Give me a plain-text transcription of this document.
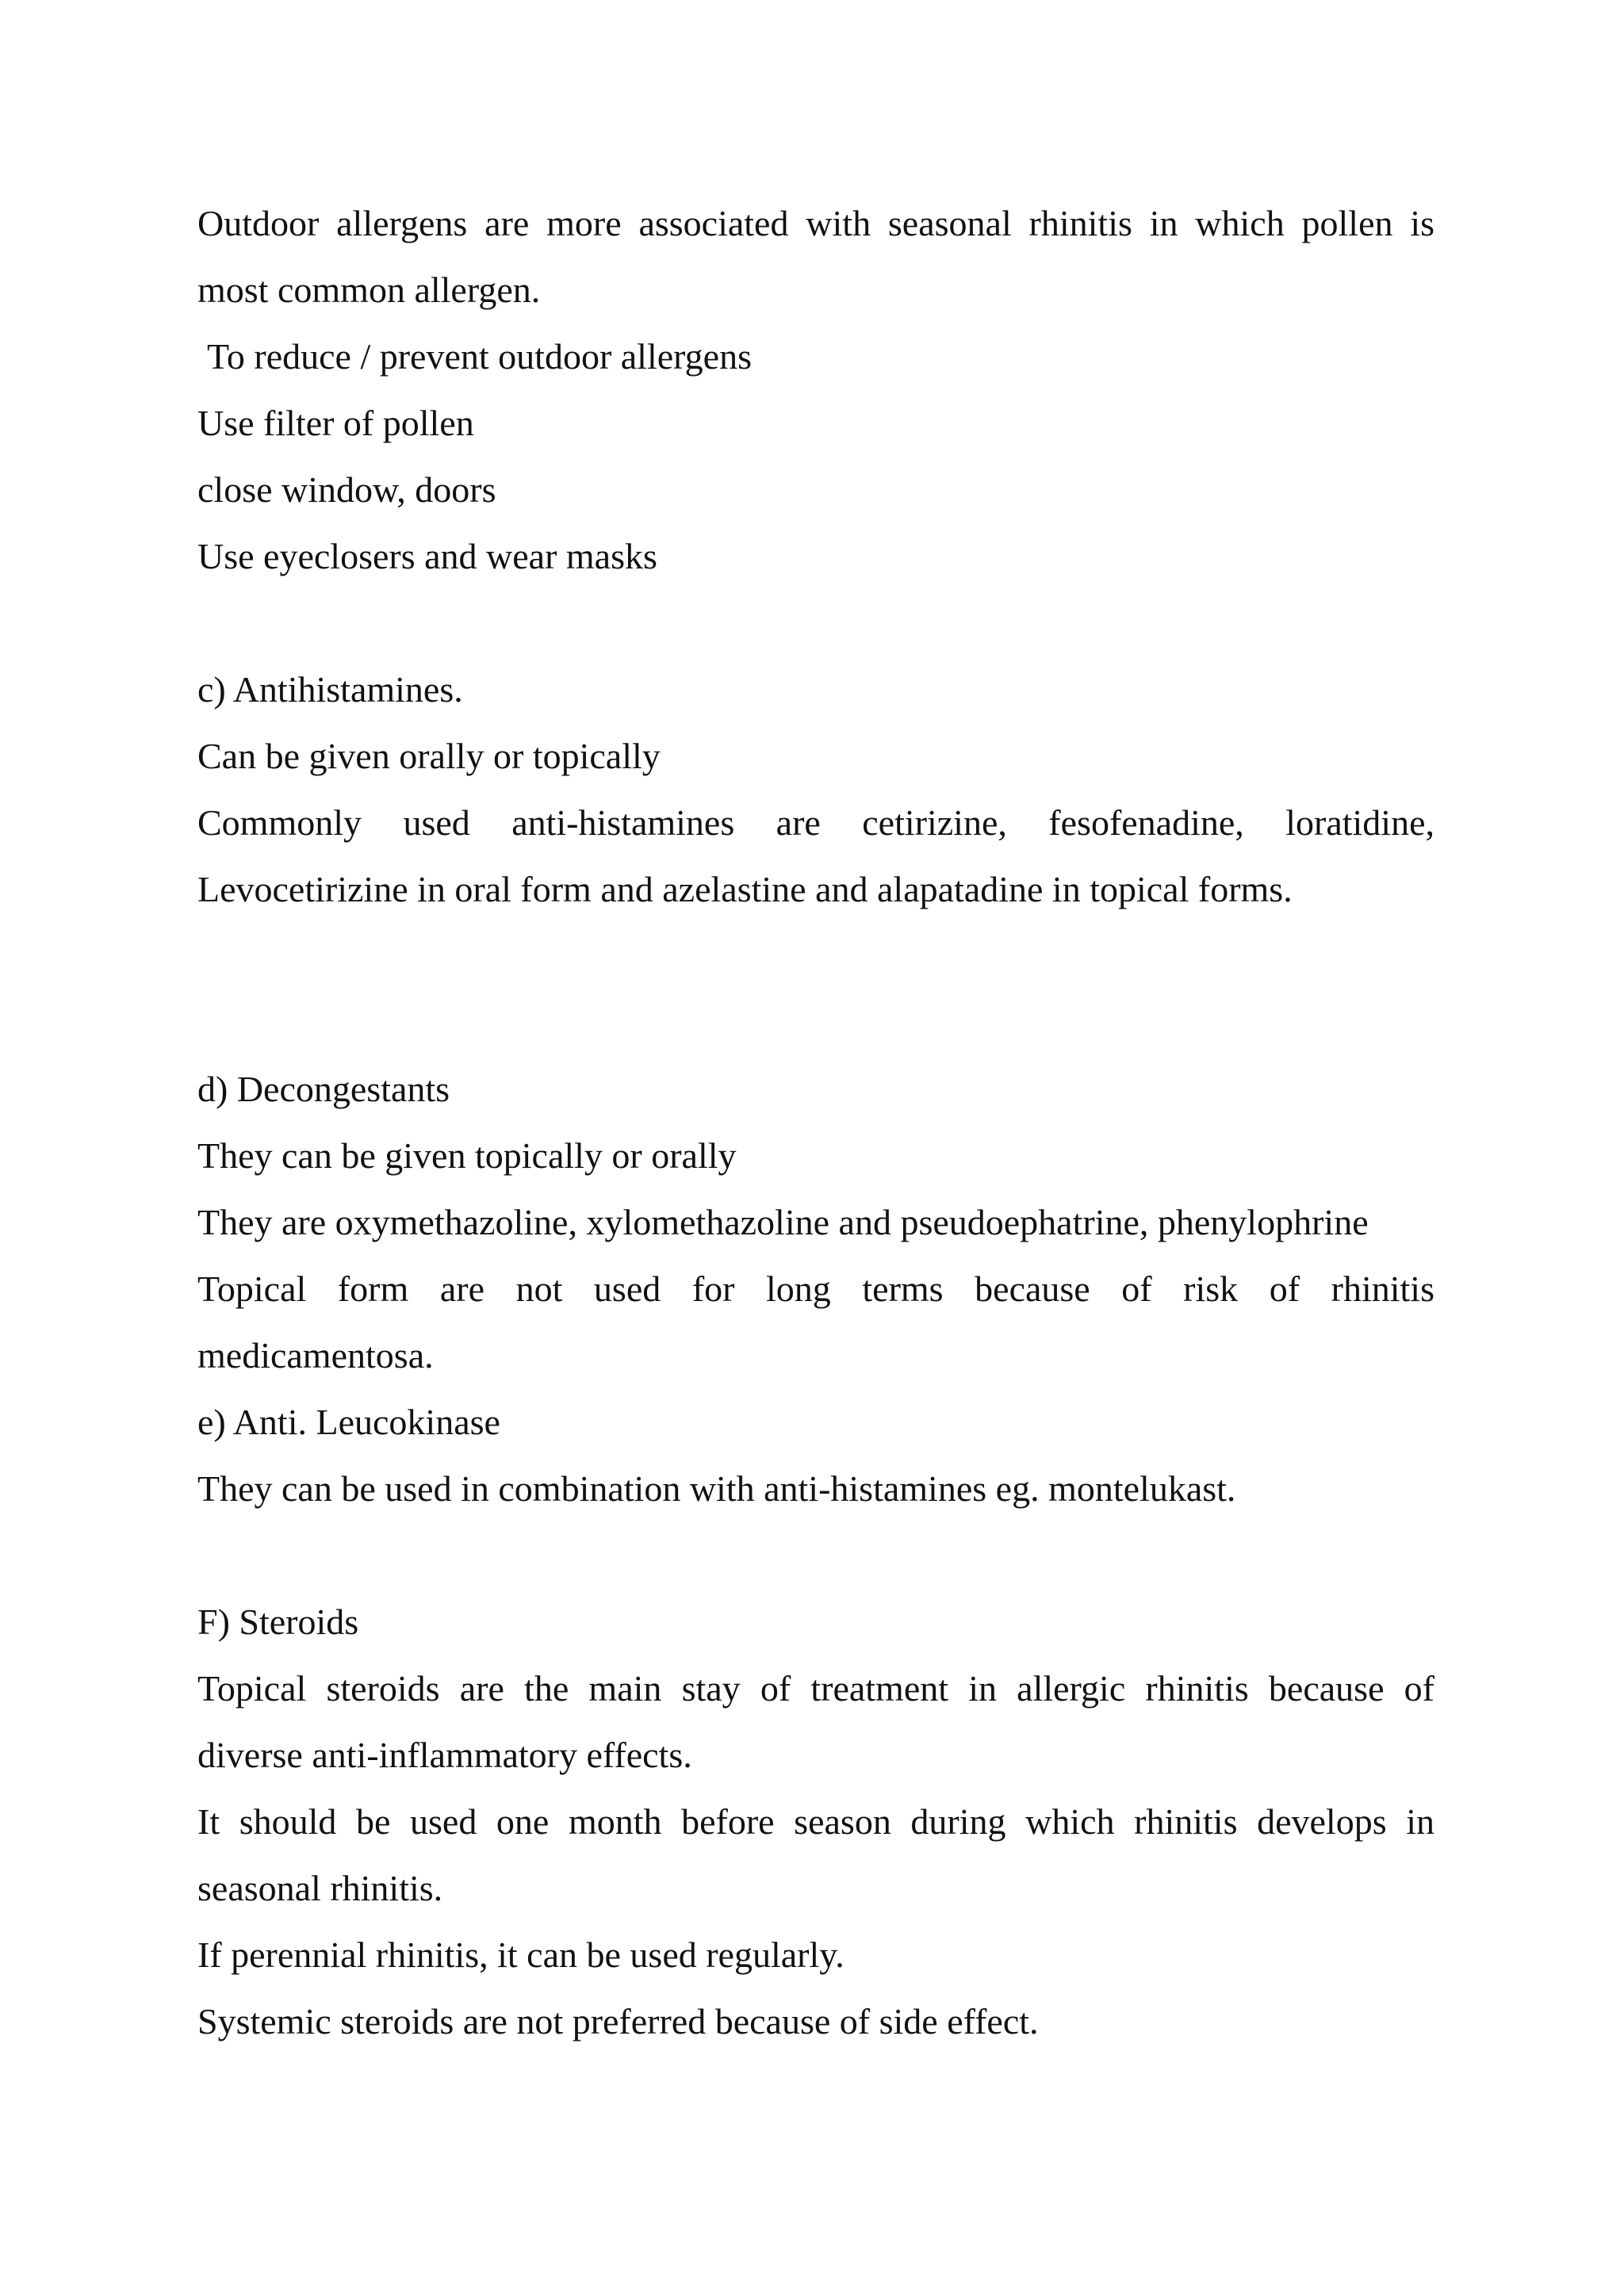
Outdoor allergens are more associated with seasonal rhinitis in which pollen is
most common allergen.
To reduce / prevent outdoor allergens
Use filter of pollen
close window, doors
Use eyeclosers and wear masks
c) Antihistamines.
Can be given orally or topically
Commonly used anti-histamines are cetirizine, fesofenadine, loratidine,
Levocetirizine in oral form and azelastine and alapatadine in topical forms.
d) Decongestants
They can be given topically or orally
They are oxymethazoline, xylomethazoline and pseudoephatrine, phenylophrine
Topical form are not used for long terms because of risk of rhinitis
medicamentosa.
e) Anti. Leucokinase
They can be used in combination with anti-histamines eg. montelukast.
F) Steroids
Topical steroids are the main stay of treatment in allergic rhinitis because of
diverse anti-inflammatory effects.
It should be used one month before season during which rhinitis develops in
seasonal rhinitis.
If perennial rhinitis, it can be used regularly.
Systemic steroids are not preferred because of side effect.
